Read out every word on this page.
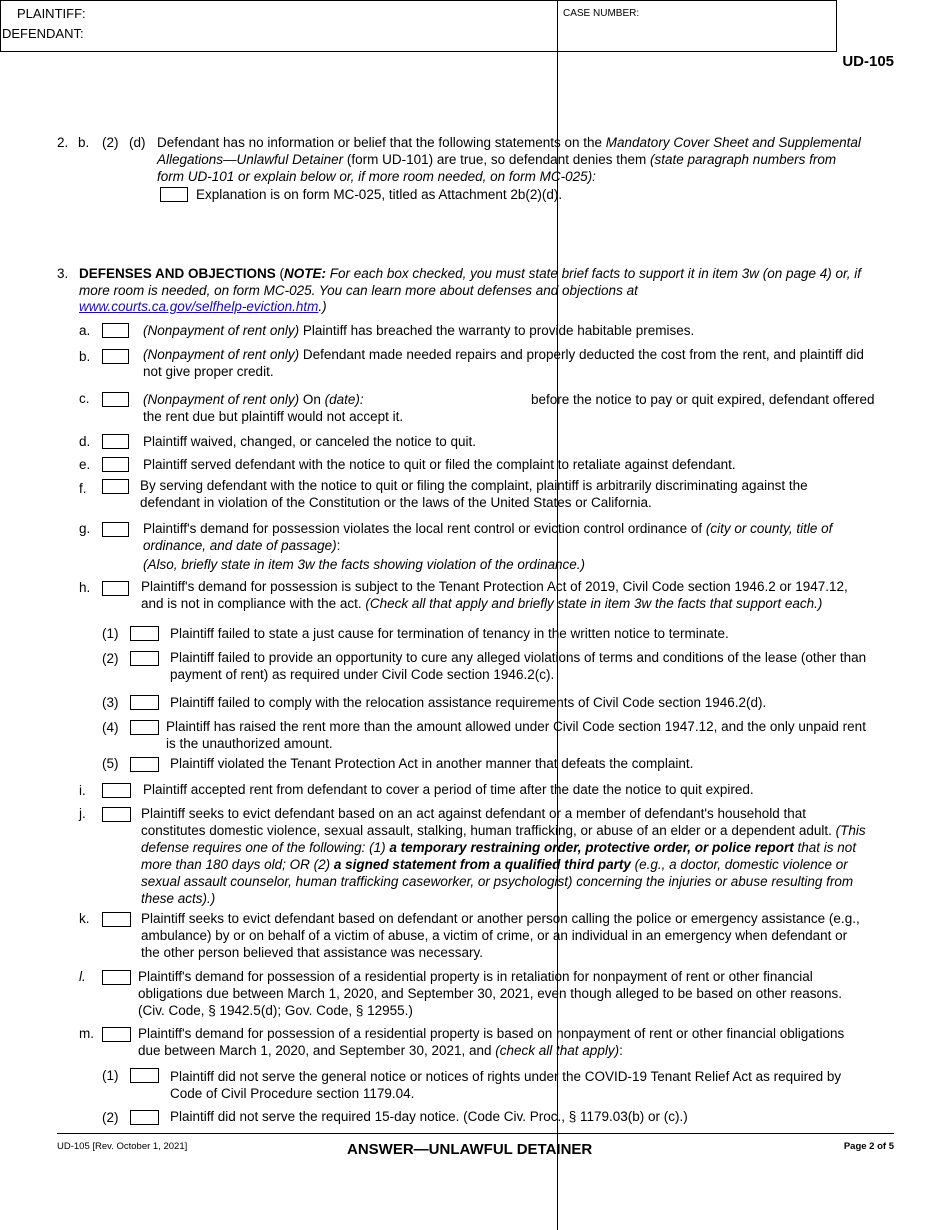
UD-105
PLAINTIFF:
DEFENDANT:
CASE NUMBER:
2. b. (2) (d) Defendant has no information or belief that the following statements on the Mandatory Cover Sheet and Supplemental
Allegations—Unlawful Detainer (form UD-101) are true, so defendant denies them (state paragraph numbers from
form UD-101 or explain below or, if more room needed, on form MC-025):
Explanation is on form MC-025, titled as Attachment 2b(2)(d).
3. DEFENSES AND OBJECTIONS (NOTE: For each box checked, you must state brief facts to support it in item 3w (on page 4) or, if
more room is needed, on form MC-025. You can learn more about defenses and objections at
www.courts.ca.gov/selfhelp-eviction.htm.)
a.	(Nonpayment of rent only) Plaintiff has breached the warranty to provide habitable premises.
b.	(Nonpayment of rent only) Defendant made needed repairs and properly deducted the cost from the rent, and plaintiff did
not give proper credit.
c.	(Nonpayment of rent only) On (date):	before the notice to pay or quit expired, defendant offered
the rent due but plaintiff would not accept it.
d.	Plaintiff waived, changed, or canceled the notice to quit.
e.	Plaintiff served defendant with the notice to quit or filed the complaint to retaliate against defendant.
f.	By serving defendant with the notice to quit or filing the complaint, plaintiff is arbitrarily discriminating against the
defendant in violation of the Constitution or the laws of the United States or California.
g.	Plaintiff's demand for possession violates the local rent control or eviction control ordinance of (city or county, title of
ordinance, and date of passage):
(Also, briefly state in item 3w the facts showing violation of the ordinance.)
h.	Plaintiff's demand for possession is subject to the Tenant Protection Act of 2019, Civil Code section 1946.2 or 1947.12,
and is not in compliance with the act. (Check all that apply and briefly state in item 3w the facts that support each.)
(1)	Plaintiff failed to state a just cause for termination of tenancy in the written notice to terminate.
(2)	Plaintiff failed to provide an opportunity to cure any alleged violations of terms and conditions of the lease (other than
payment of rent) as required under Civil Code section 1946.2(c).
(3)	Plaintiff failed to comply with the relocation assistance requirements of Civil Code section 1946.2(d).
(4)	Plaintiff has raised the rent more than the amount allowed under Civil Code section 1947.12, and the only unpaid rent
is the unauthorized amount.
(5)	Plaintiff violated the Tenant Protection Act in another manner that defeats the complaint.
i.	Plaintiff accepted rent from defendant to cover a period of time after the date the notice to quit expired.
j.	Plaintiff seeks to evict defendant based on an act against defendant or a member of defendant's household that
constitutes domestic violence, sexual assault, stalking, human trafficking, or abuse of an elder or a dependent adult. (This
defense requires one of the following: (1) a temporary restraining order, protective order, or police report that is not
more than 180 days old; OR (2) a signed statement from a qualified third party (e.g., a doctor, domestic violence or
sexual assault counselor, human trafficking caseworker, or psychologist) concerning the injuries or abuse resulting from
these acts).)
k.	Plaintiff seeks to evict defendant based on defendant or another person calling the police or emergency assistance (e.g.,
ambulance) by or on behalf of a victim of abuse, a victim of crime, or an individual in an emergency when defendant or
the other person believed that assistance was necessary.
l.	Plaintiff's demand for possession of a residential property is in retaliation for nonpayment of rent or other financial
obligations due between March 1, 2020, and September 30, 2021, even though alleged to be based on other reasons.
(Civ. Code, § 1942.5(d); Gov. Code, § 12955.)
m.	Plaintiff's demand for possession of a residential property is based on nonpayment of rent or other financial obligations
due between March 1, 2020, and September 30, 2021, and (check all that apply):
(1)	Plaintiff did not serve the general notice or notices of rights under the COVID-19 Tenant Relief Act as required by
Code of Civil Procedure section 1179.04.
(2)	Plaintiff did not serve the required 15-day notice. (Code Civ. Proc., § 1179.03(b) or (c).)
UD-105 [Rev. October 1, 2021]	ANSWER—UNLAWFUL DETAINER	Page 2 of 5
